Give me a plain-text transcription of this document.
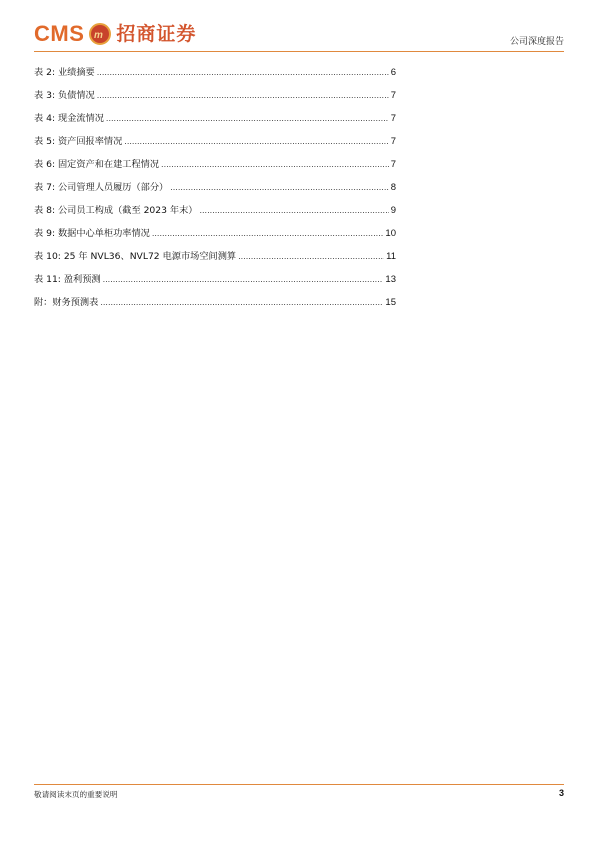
CMS m 招商证券	公司深度报告
表 2: 业绩摘要 .....	6
表 3: 负债情况 .....	7
表 4: 现金流情况 .....	7
表 5: 资产回报率情况 .....	7
表 6: 固定资产和在建工程情况 .....	7
表 7: 公司管理人员履历（部分） .....	8
表 8: 公司员工构成（截至 2023 年末） .....	9
表 9: 数据中心单柜功率情况 .....	10
表 10: 25 年 NVL36、NVL72 电源市场空间测算 .....	11
表 11: 盈利预测 .....	13
附：财务预测表 .....	15
敬请阅读末页的重要说明	3
